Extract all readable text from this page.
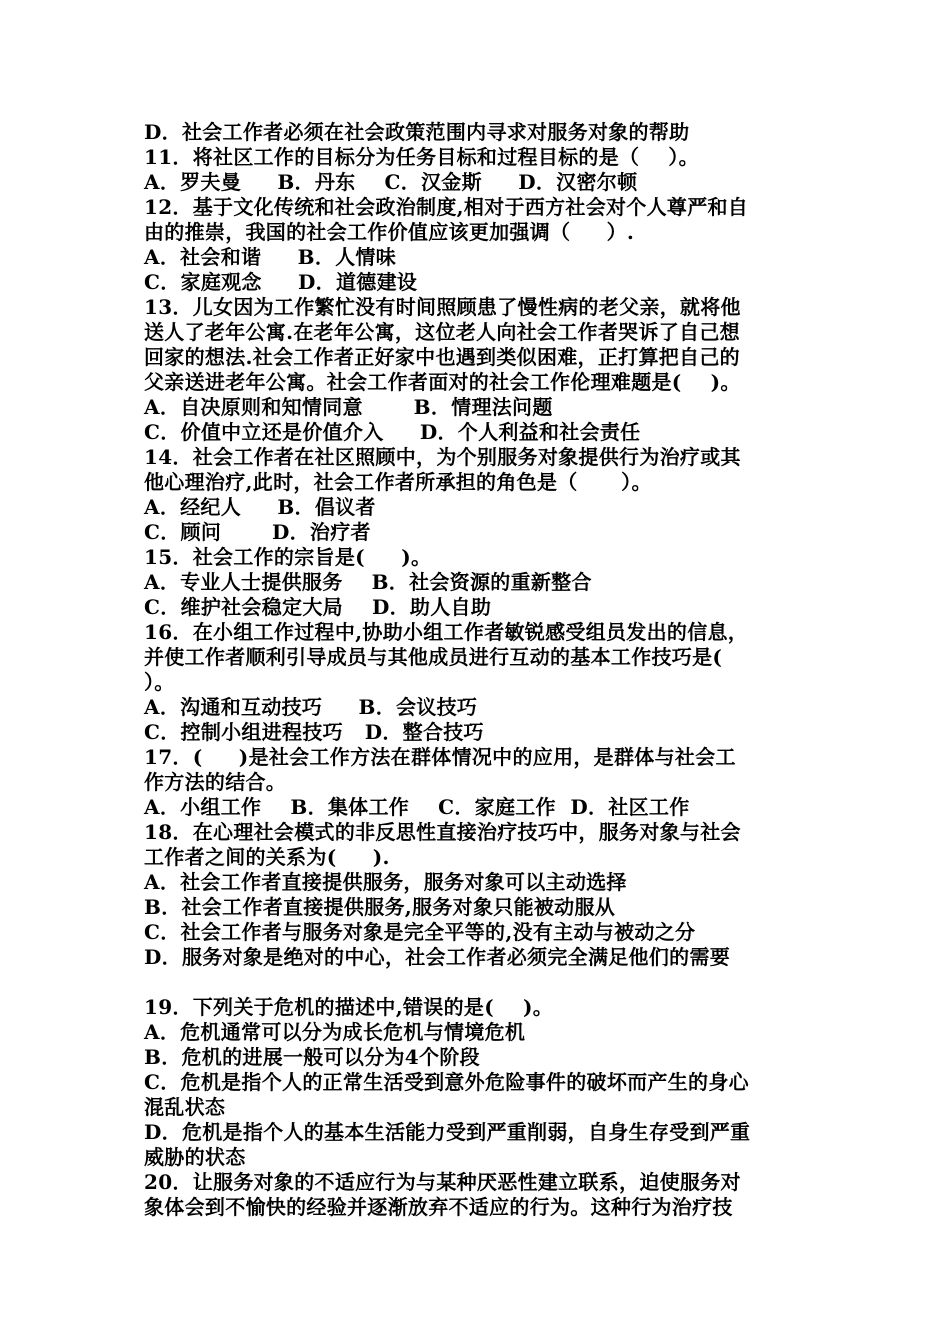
D．社会工作者必须在社会政策范围内寻求对服务对象的帮助
11．将社区工作的目标分为任务目标和过程目标的是（    ）。
A．罗夫曼     B．丹东    C．汉金斯     D．汉密尔顿
12．基于文化传统和社会政治制度,相对于西方社会对个人尊严和自
由的推崇，我国的社会工作价值应该更加强调（     ）.
A．社会和谐     B．人情味
C．家庭观念     D．道德建设
13．儿女因为工作繁忙没有时间照顾患了慢性病的老父亲，就将他
送人了老年公寓.在老年公寓，这位老人向社会工作者哭诉了自己想
回家的想法.社会工作者正好家中也遇到类似困难，正打算把自己的
父亲送进老年公寓。社会工作者面对的社会工作伦理难题是(    )。
A．自决原则和知情同意       B．情理法问题
C．价值中立还是价值介入     D．个人利益和社会责任
14．社会工作者在社区照顾中，为个别服务对象提供行为治疗或其
他心理治疗,此时，社会工作者所承担的角色是（      ）。
A．经纪人     B．倡议者
C．顾问       D．治疗者
15．社会工作的宗旨是(     )。
A．专业人士提供服务    B．社会资源的重新整合
C．维护社会稳定大局    D．助人自助
16．在小组工作过程中,协助小组工作者敏锐感受组员发出的信息，
并使工作者顺利引导成员与其他成员进行互动的基本工作技巧是(
）。
A．沟通和互动技巧     B．会议技巧
C．控制小组进程技巧   D．整合技巧
17．(     )是社会工作方法在群体情况中的应用，是群体与社会工
作方法的结合。
A．小组工作    B．集体工作    C．家庭工作  D．社区工作
18．在心理社会模式的非反思性直接治疗技巧中，服务对象与社会
工作者之间的关系为(     ).
A．社会工作者直接提供服务，服务对象可以主动选择
B．社会工作者直接提供服务,服务对象只能被动服从
C．社会工作者与服务对象是完全平等的,没有主动与被动之分
D．服务对象是绝对的中心，社会工作者必须完全满足他们的需要
19．下列关于危机的描述中,错误的是(    )。
A．危机通常可以分为成长危机与情境危机
B．危机的进展一般可以分为4个阶段
C．危机是指个人的正常生活受到意外危险事件的破坏而产生的身心
混乱状态
D．危机是指个人的基本生活能力受到严重削弱，自身生存受到严重
威胁的状态
20．让服务对象的不适应行为与某种厌恶性建立联系，迫使服务对
象体会到不愉快的经验并逐渐放弃不适应的行为。这种行为治疗技
